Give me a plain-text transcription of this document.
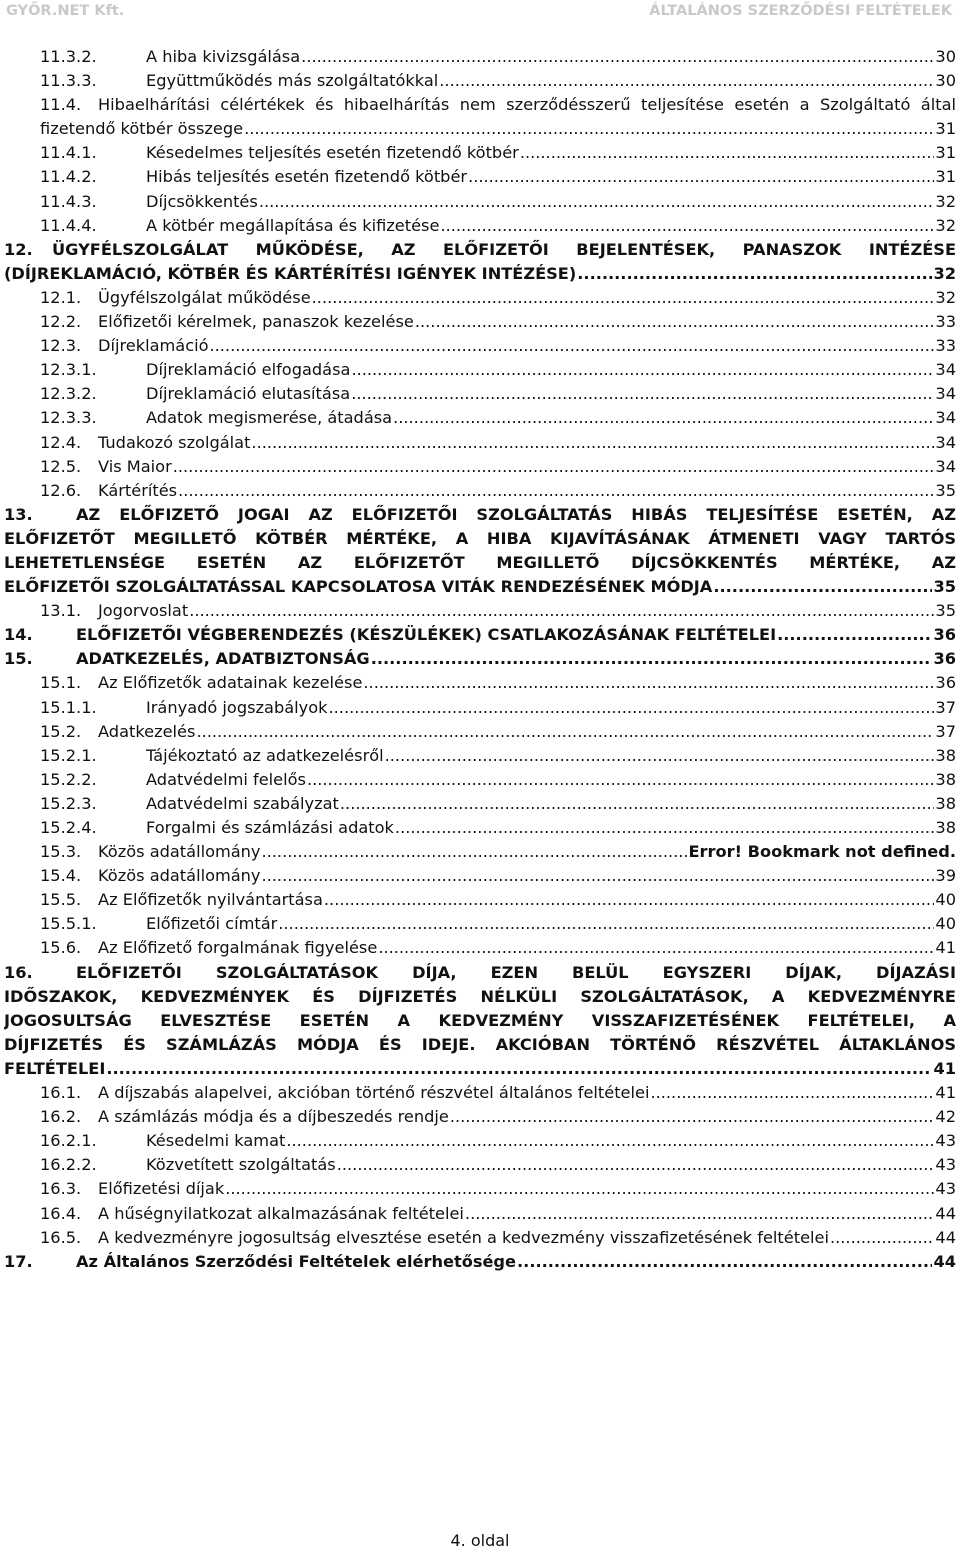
GYŐR.NET Kft.	ÁLTALÁNOS SZERZŐDÉSI FELTÉTELEK
11.3.2.	A hiba kivizsgálása .....	30
11.3.3.	Együttműködés más szolgáltatókkal .....	30
11.4. Hibaelhárítási célértékek és hibaelhárítás nem szerződésszerű teljesítése esetén a Szolgáltató által
fizetendő kötbér összege .....	31
11.4.1.	Késedelmes teljesítés esetén fizetendő kötbér .....	31
11.4.2.	Hibás teljesítés esetén fizetendő kötbér .....	31
11.4.3.	Díjcsökkentés .....	32
11.4.4.	A kötbér megállapítása és kifizetése .....	32
12. ÜGYFÉLSZOLGÁLAT MŰKÖDÉSE, AZ ELŐFIZETŐI BEJELENTÉSEK, PANASZOK INTÉZÉSE
(DÍJREKLAMÁCIÓ, KÖTBÉR ÉS KÁRTÉRÍTÉSI IGÉNYEK INTÉZÉSE) .....	32
12.1. Ügyfélszolgálat működése .....	32
12.2. Előfizetői kérelmek, panaszok kezelése .....	33
12.3. Díjreklamáció .....	33
12.3.1.	Díjreklamáció elfogadása .....	34
12.3.2.	Díjreklamáció elutasítása .....	34
12.3.3.	Adatok megismerése, átadása .....	34
12.4. Tudakozó szolgálat .....	34
12.5. Vis Maior .....	34
12.6. Kártérítés .....	35
13.	AZ ELŐFIZETŐ JOGAI AZ ELŐFIZETŐI SZOLGÁLTATÁS HIBÁS TELJESÍTÉSE ESETÉN, AZ
ELŐFIZETŐT MEGILLETŐ KÖTBÉR MÉRTÉKE, A HIBA KIJAVÍTÁSÁNAK ÁTMENETI VAGY TARTÓS
LEHETETLENSÉGE ESETÉN AZ ELŐFIZETŐT MEGILLETŐ DÍJCSÖKKENTÉS MÉRTÉKE, AZ
ELŐFIZETŐI SZOLGÁLTATÁSSAL KAPCSOLATOSA VITÁK RENDEZÉSÉNEK MÓDJA .....	35
13.1. Jogorvoslat .....	35
14.	ELŐFIZETŐI VÉGBERENDEZÉS (KÉSZÜLÉKEK) CSATLAKOZÁSÁNAK FELTÉTELEI .....	36
15.	ADATKEZELÉS, ADATBIZTONSÁG .....	36
15.1. Az Előfizetők adatainak kezelése .....	36
15.1.1.	Irányadó jogszabályok .....	37
15.2. Adatkezelés .....	37
15.2.1.	Tájékoztató az adatkezelésről .....	38
15.2.2.	Adatvédelmi felelős .....	38
15.2.3.	Adatvédelmi szabályzat .....	38
15.2.4.	Forgalmi és számlázási adatok .....	38
15.3. Közös adatállomány .....	Error! Bookmark not defined.
15.4. Közös adatállomány .....	39
15.5. Az Előfizetők nyilvántartása .....	40
15.5.1.	Előfizetői címtár .....	40
15.6. Az Előfizető forgalmának figyelése .....	41
16.	ELŐFIZETŐI SZOLGÁLTATÁSOK DÍJA, EZEN BELÜL EGYSZERI DÍJAK, DÍJAZÁSI
IDŐSZAKOK, KEDVEZMÉNYEK ÉS DÍJFIZETÉS NÉLKÜLI SZOLGÁLTATÁSOK, A KEDVEZMÉNYRE
JOGOSULTSÁG ELVESZTÉSE ESETÉN A KEDVEZMÉNY VISSZAFIZETÉSÉNEK FELTÉTELEI, A
DÍJFIZETÉS ÉS SZÁMLÁZÁS MÓDJA ÉS IDEJE. AKCIÓBAN TÖRTÉNŐ RÉSZVÉTEL ÁLTAKLÁNOS
FELTÉTELEI .....	41
16.1. A díjszabás alapelvei, akcióban történő részvétel általános feltételei .....	41
16.2. A számlázás módja és a díjbeszedés rendje .....	42
16.2.1.	Késedelmi kamat .....	43
16.2.2.	Közvetített szolgáltatás .....	43
16.3. Előfizetési díjak .....	43
16.4. A hűségnyilatkozat alkalmazásának feltételei .....	44
16.5. A kedvezményre jogosultság elvesztése esetén a kedvezmény visszafizetésének feltételei .....	44
17.	Az Általános Szerződési Feltételek elérhetősége .....	44
4. oldal
